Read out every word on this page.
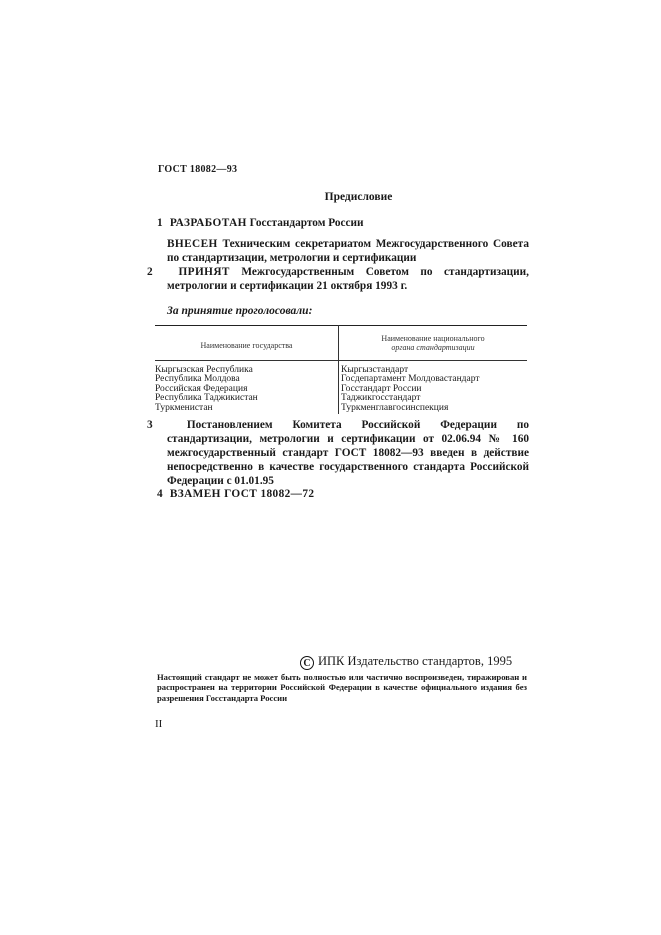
ГОСТ 18082—93
Предисловие
1 РАЗРАБОТАН Госстандартом России
ВНЕСЕН Техническим секретариатом Межгосударственного Совета по стандартизации, метрологии и сертификации
2 ПРИНЯТ Межгосударственным Советом по стандартизации, метрологии и сертификации 21 октября 1993 г.
За принятие проголосовали:
Наименование государства
Наименование национального
органа стандартизации
Кыргызская Республика
Республика Молдова
Российская Федерация
Республика Таджикистан
Туркменистан
Кыргызстандарт
Госдепартамент Молдовастандарт
Госстандарт России
Таджикгосстандарт
Туркменглавгосинспекция
3	Постановлением Комитета Российской Федерации по стандартизации, метрологии и сертификации от 02.06.94 № 160 межгосударственный стандарт ГОСТ 18082—93 введен в действие непосредственно в качестве государственного стандарта Российской Федерации с 01.01.95
4 ВЗАМЕН ГОСТ 18082—72
C ИПК Издательство стандартов, 1995
Настоящий стандарт не может быть полностью или частично воспроизведен, тиражирован и распространен на территории Российской Федерации в качестве официального издания без разрешения Госстандарта России
II
